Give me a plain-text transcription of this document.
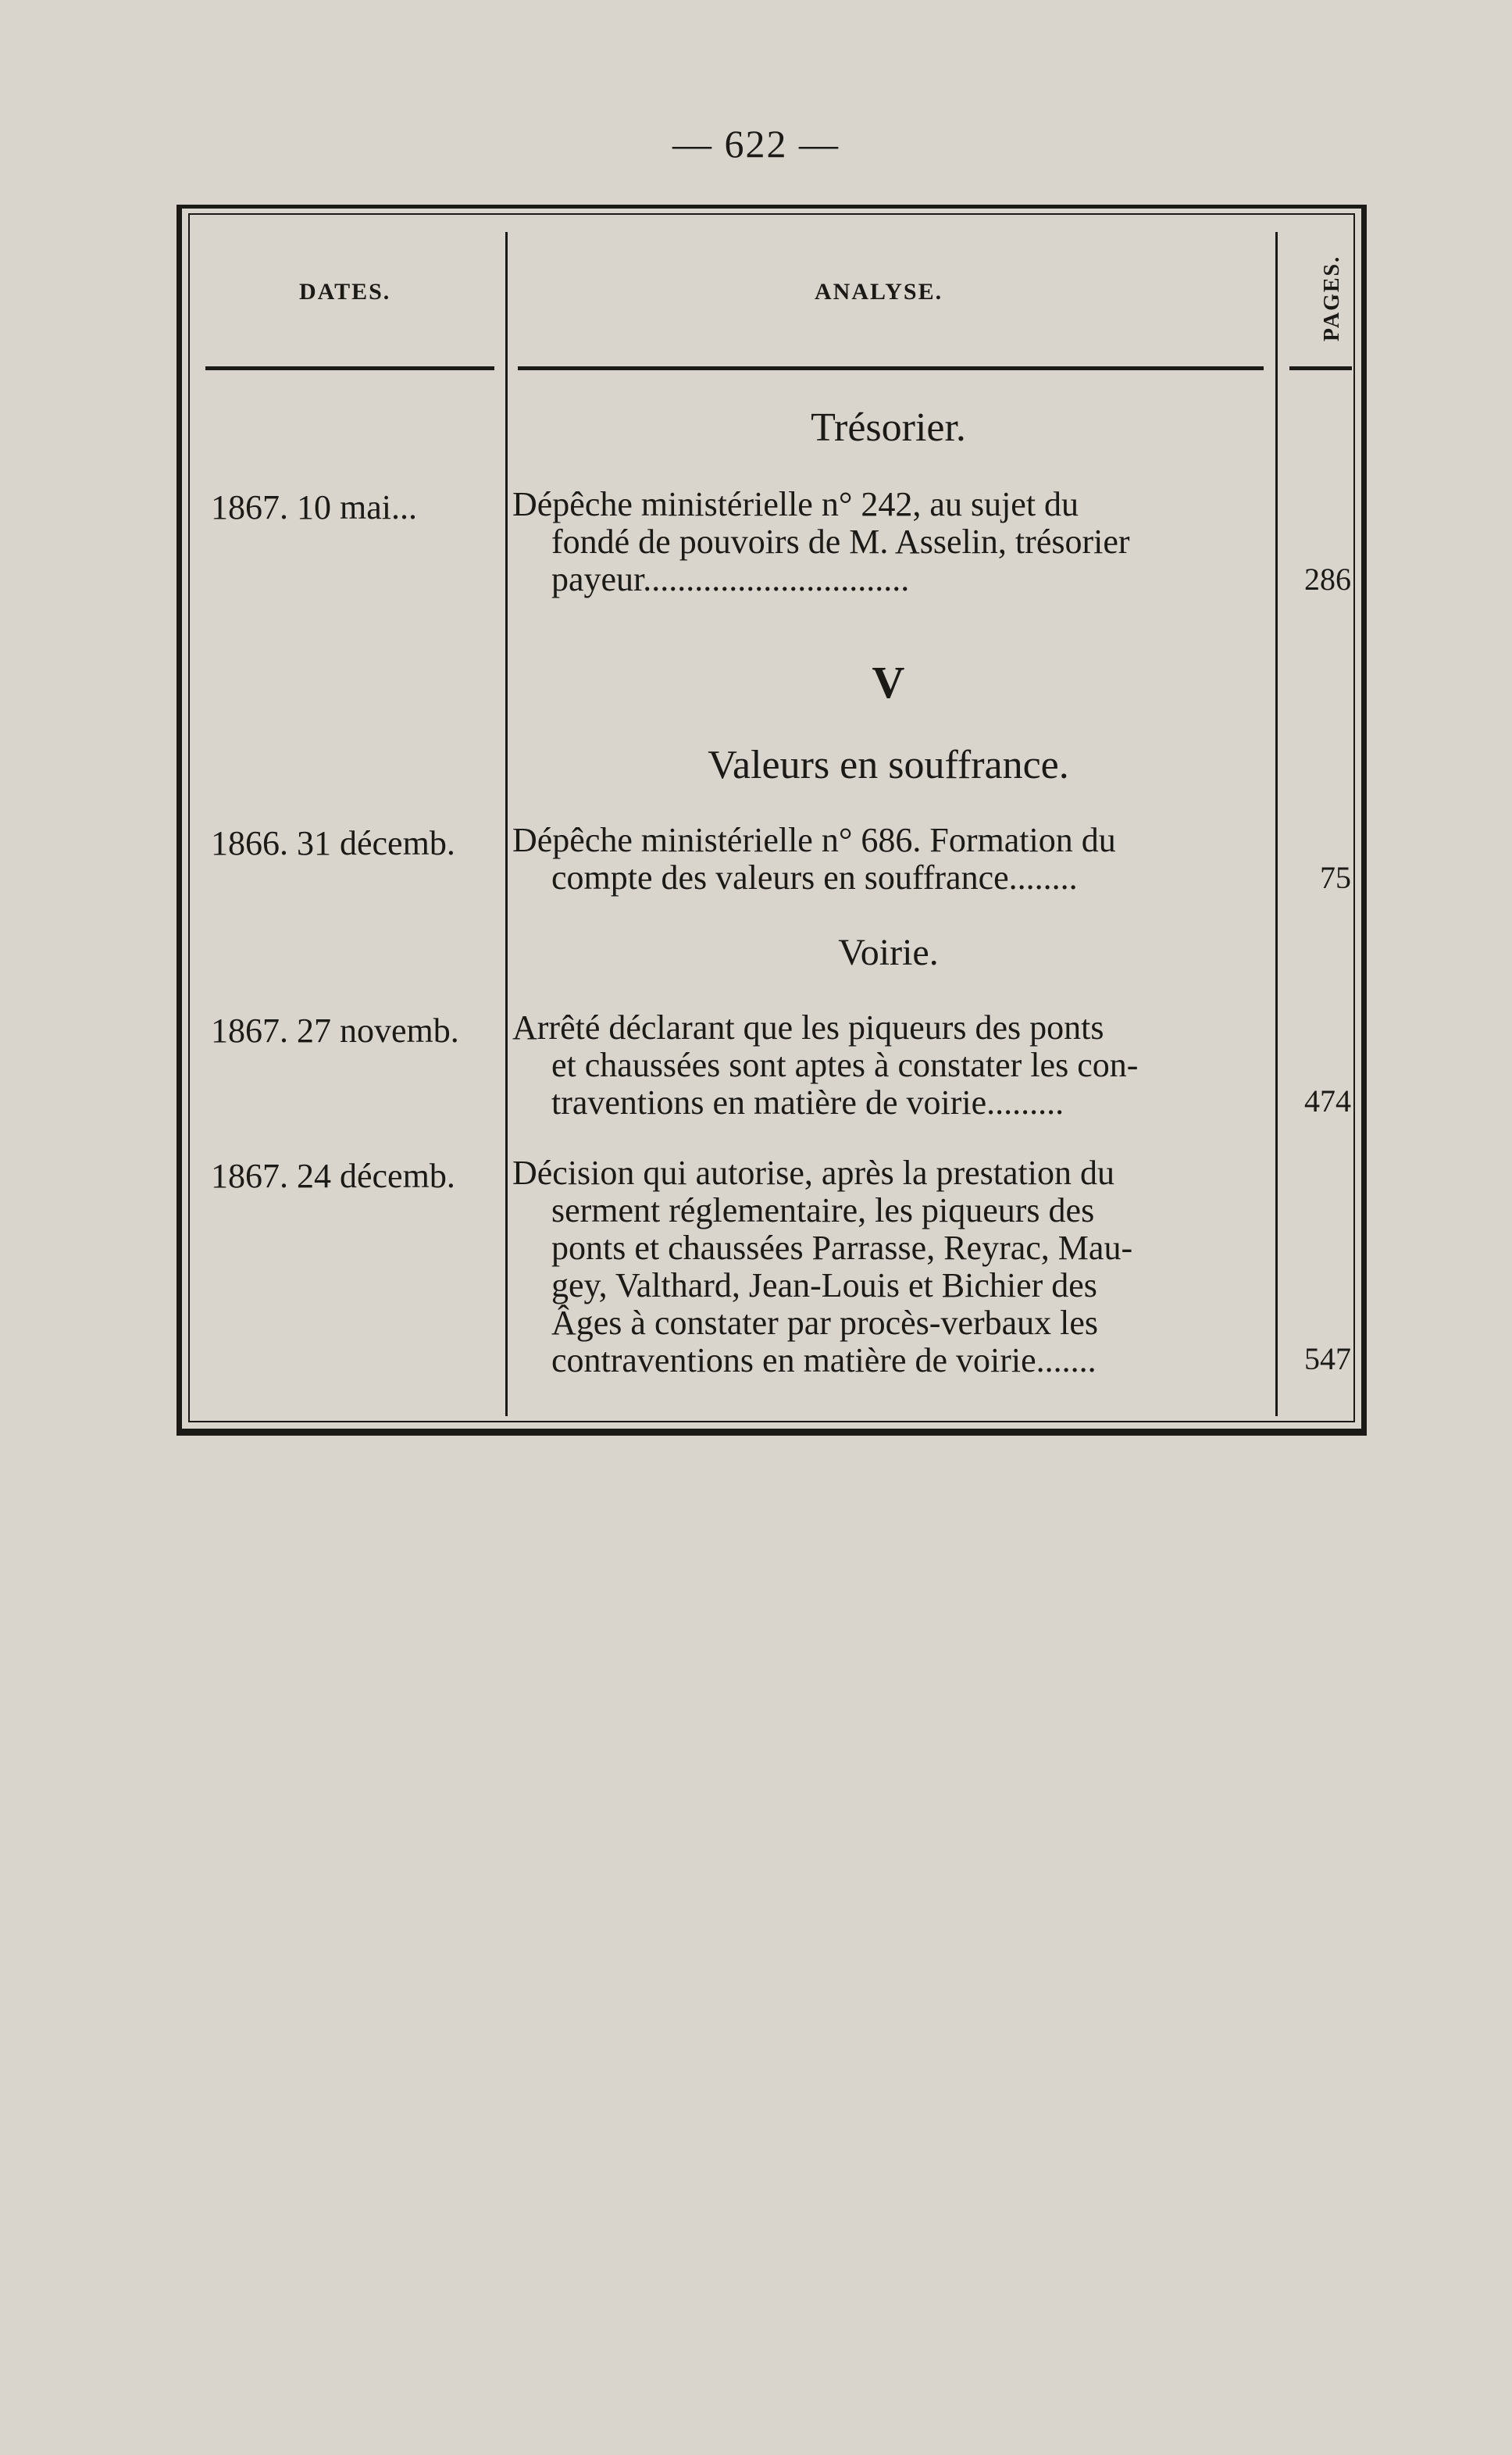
— 622 —
DATES.	ANALYSE.	PAGES.
Trésorier.
1867. 10 mai...	Dépêche ministérielle n° 242, au sujet du

fondé de pouvoirs de M. Asselin, trésorier

payeur...............................	286
V
Valeurs en souffrance.
1866. 31 décemb.	Dépêche ministérielle n° 686. Formation du

compte des valeurs en souffrance........	75
Voirie.
1867. 27 novemb.	Arrêté déclarant que les piqueurs des ponts

et chaussées sont aptes à constater les con-

traventions en matière de voirie.........	474
1867. 24 décemb.	Décision qui autorise, après la prestation du

serment réglementaire, les piqueurs des

ponts et chaussées Parrasse, Reyrac, Mau-

gey, Valthard, Jean-Louis et Bichier des

Âges à constater par procès-verbaux les

contraventions en matière de voirie.......	547
